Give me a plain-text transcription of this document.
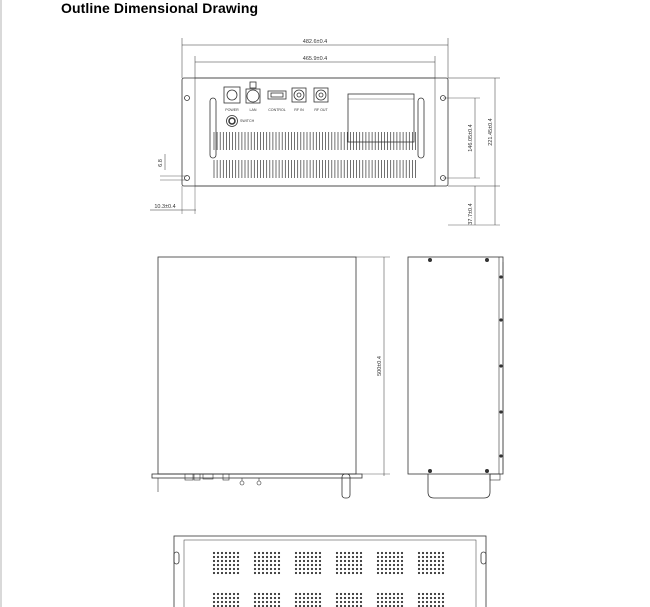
Outline Dimensional Drawing
482.6±0.4
465.9±0.4
POWER	LAN	CONTROL RF IN	RF OUT
SWITCH
146.05±0.4	221.45±0.4
37.7±0.4
6.8
10.3±0.4
500±0.4
